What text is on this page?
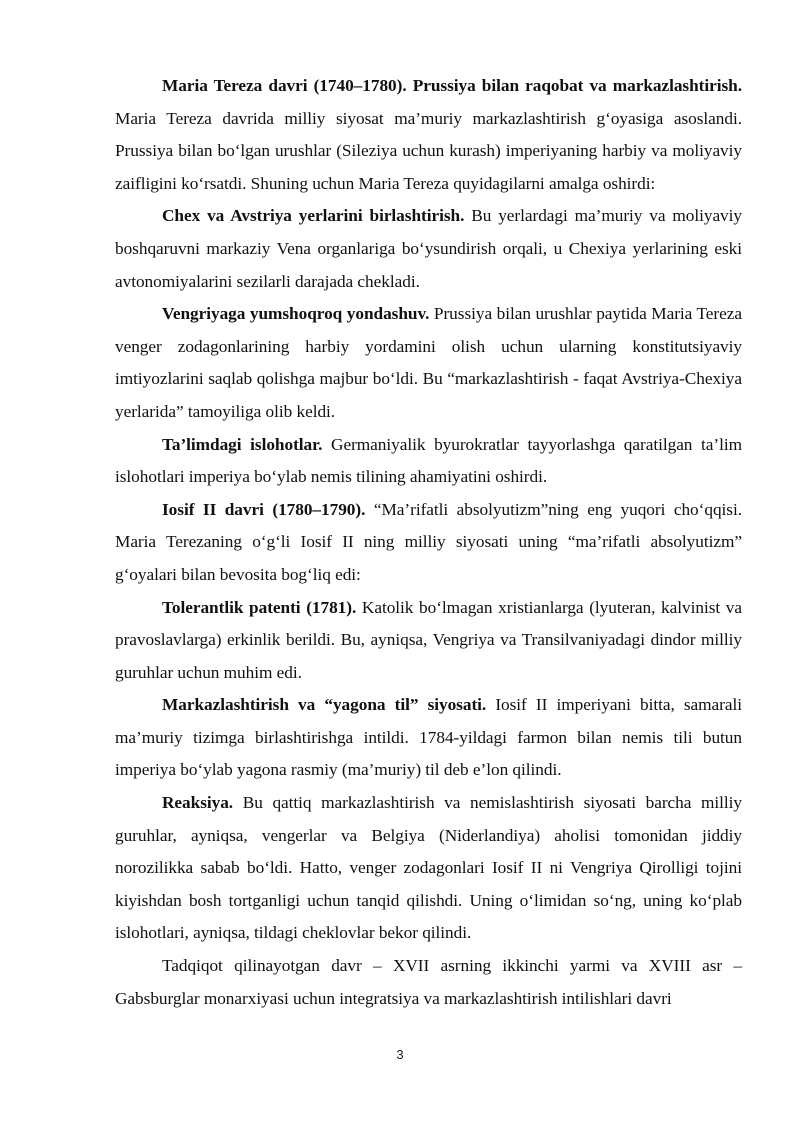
Maria Tereza davri (1740–1780). Prussiya bilan raqobat va markazlashtirish. Maria Tereza davrida milliy siyosat ma’muriy markazlashtirish g‘oyasiga asoslandi. Prussiya bilan bo‘lgan urushlar (Sileziya uchun kurash) imperiyaning harbiy va moliyaviy zaifligini ko‘rsatdi. Shuning uchun Maria Tereza quyidagilarni amalga oshirdi:

Chex va Avstriya yerlarini birlashtirish. Bu yerlardagi ma’muriy va moliyaviy boshqaruvni markaziy Vena organlariga bo‘ysundirish orqali, u Chexiya yerlarining eski avtonomiyalarini sezilarli darajada chekladi.

Vengriyaga yumshoqroq yondashuv. Prussiya bilan urushlar paytida Maria Tereza venger zodagonlarining harbiy yordamini olish uchun ularning konstitutsiyaviy imtiyozlarini saqlab qolishga majbur bo‘ldi. Bu “markazlashtirish - faqat Avstriya-Chexiya yerlarida” tamoyiliga olib keldi.

Ta’limdagi islohotlar. Germaniyalik byurokratlar tayyorlashga qaratilgan ta’lim islohotlari imperiya bo‘ylab nemis tilining ahamiyatini oshirdi.

Iosif II davri (1780–1790). “Ma’rifatli absolyutizm”ning eng yuqori cho‘qqisi. Maria Terezaning o‘g‘li Iosif II ning milliy siyosati uning “ma’rifatli absolyutizm” g‘oyalari bilan bevosita bog‘liq edi:

Tolerantlik patenti (1781). Katolik bo‘lmagan xristianlarga (lyuteran, kalvinist va pravoslavlarga) erkinlik berildi. Bu, ayniqsa, Vengriya va Transilvaniyadagi dindor milliy guruhlar uchun muhim edi.

Markazlashtirish va “yagona til” siyosati. Iosif II imperiyani bitta, samarali ma’muriy tizimga birlashtirishga intildi. 1784-yildagi farmon bilan nemis tili butun imperiya bo‘ylab yagona rasmiy (ma’muriy) til deb e’lon qilindi.

Reaksiya. Bu qattiq markazlashtirish va nemislashtirish siyosati barcha milliy guruhlar, ayniqsa, vengerlar va Belgiya (Niderlandiya) aholisi tomonidan jiddiy norozilikka sabab bo‘ldi. Hatto, venger zodagonlari Iosif II ni Vengriya Qirolligi tojini kiyishdan bosh tortganligi uchun tanqid qilishdi. Uning o‘limidan so‘ng, uning ko‘plab islohotlari, ayniqsa, tildagi cheklovlar bekor qilindi.

Tadqiqot qilinayotgan davr – XVII asrning ikkinchi yarmi va XVIII asr – Gabsburglar monarxiyasi uchun integratsiya va markazlashtirish intilishlari davri

3
